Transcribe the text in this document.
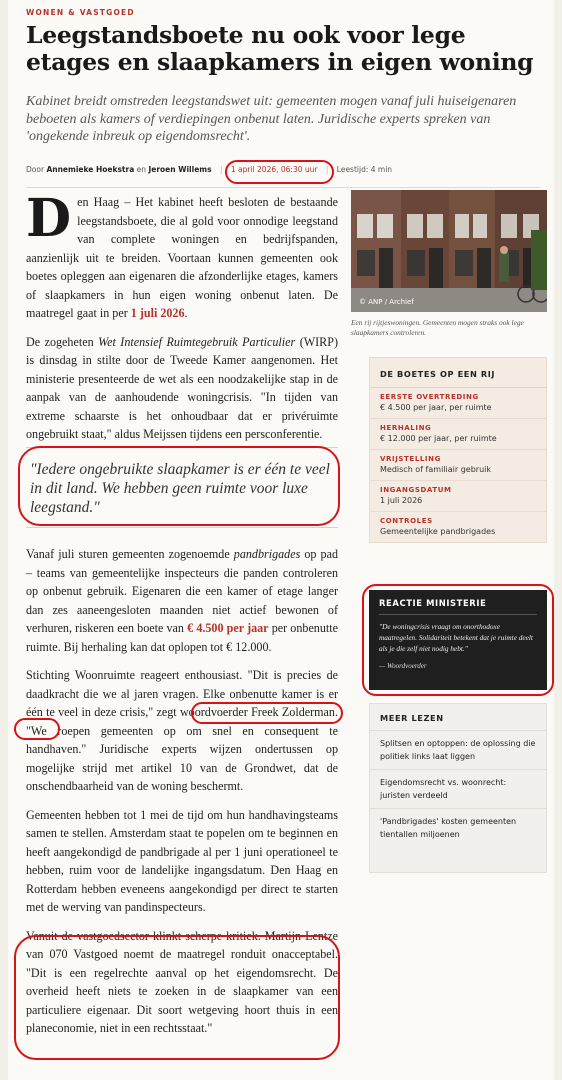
WONEN & VASTGOED
Leegstandsboete nu ook voor lege etages en slaapkamers in eigen woning
Kabinet breidt omstreden leegstandswet uit: gemeenten mogen vanaf juli huiseigenaren beboeten als kamers of verdiepingen onbenut laten. Juridische experts spreken van 'ongekende inbreuk op eigendomsrecht'.
Door Annemieke Hoekstra en Jeroen Willems | 1 april 2026, 06:30 uur | Leestijd: 4 min

Den Haag – Het kabinet heeft besloten de bestaande leegstandsboete, die al gold voor onnodige leegstand van complete woningen en bedrijfspanden, aanzienlijk uit te breiden. Voortaan kunnen gemeenten ook boetes opleggen aan eigenaren die afzonderlijke etages, kamers of slaapkamers in hun eigen woning onbenut laten. De maatregel gaat in per 1 juli 2026.

De zogeheten Wet Intensief Ruimtegebruik Particulier (WIRP) is dinsdag in stilte door de Tweede Kamer aangenomen. Het ministerie presenteerde de wet als een noodzakelijke stap in de aanpak van de aanhoudende woningcrisis. "In tijden van extreme schaarste is het onhoudbaar dat er privéruimte ongebruikt staat," aldus Meijssen tijdens een persconferentie.

"Iedere ongebruikte slaapkamer is er één te veel in dit land. We hebben geen ruimte voor luxe leegstand."

Vanaf juli sturen gemeenten zogenoemde pandbrigades op pad – teams van gemeentelijke inspecteurs die panden controleren op onbenut gebruik. Eigenaren die een kamer of etage langer dan zes aaneengesloten maanden niet actief bewonen of verhuren, riskeren een boete van € 4.500 per jaar per onbenutte ruimte. Bij herhaling kan dat oplopen tot € 12.000.

Stichting Woonruimte reageert enthousiast. "Dit is precies de daadkracht die we al jaren vragen. Elke onbenutte kamer is er één te veel in deze crisis," zegt woordvoerder Freek Zolderman. "We roepen gemeenten op om snel en consequent te handhaven." Juridische experts wijzen ondertussen op mogelijke strijd met artikel 10 van de Grondwet, dat de onschendbaarheid van de woning beschermt.

Gemeenten hebben tot 1 mei de tijd om hun handhavingsteams samen te stellen. Amsterdam staat te popelen om te beginnen en heeft aangekondigd de pandbrigade al per 1 juni operationeel te hebben, ruim voor de landelijke ingangsdatum. Den Haag en Rotterdam hebben eveneens aangekondigd per direct te starten met de werving van pandinspecteurs.

Vanuit de vastgoedsector klinkt scherpe kritiek. Martijn Lentze van 070 Vastgoed noemt de maatregel ronduit onacceptabel. "Dit is een regelrechte aanval op het eigendomsrecht. De overheid heeft niets te zoeken in de slaapkamer van een particuliere eigenaar. Dit soort wetgeving hoort thuis in een planeconomie, niet in een rechtsstaat."

© ANP / Archief
Een rij rijtjeswoningen. Gemeenten mogen straks ook lege slaapkamers controleren.
DE BOETES OP EEN RIJ
EERSTE OVERTREDING
€ 4.500 per jaar, per ruimte
HERHALING
€ 12.000 per jaar, per ruimte
VRIJSTELLING
Medisch of familiair gebruik
INGANGSDATUM
1 juli 2026
CONTROLES
Gemeentelijke pandbrigades
REACTIE MINISTERIE
"De woningcrisis vraagt om onorthodoxe maatregelen. Solidariteit betekent dat je ruimte deelt als je die zelf niet nodig hebt."
— Woordvoerder
MEER LEZEN
Splitsen en optoppen: de oplossing die politiek links laat liggen
Eigendomsrecht vs. woonrecht: juristen verdeeld
'Pandbrigades' kosten gemeenten tientallen miljoenen
